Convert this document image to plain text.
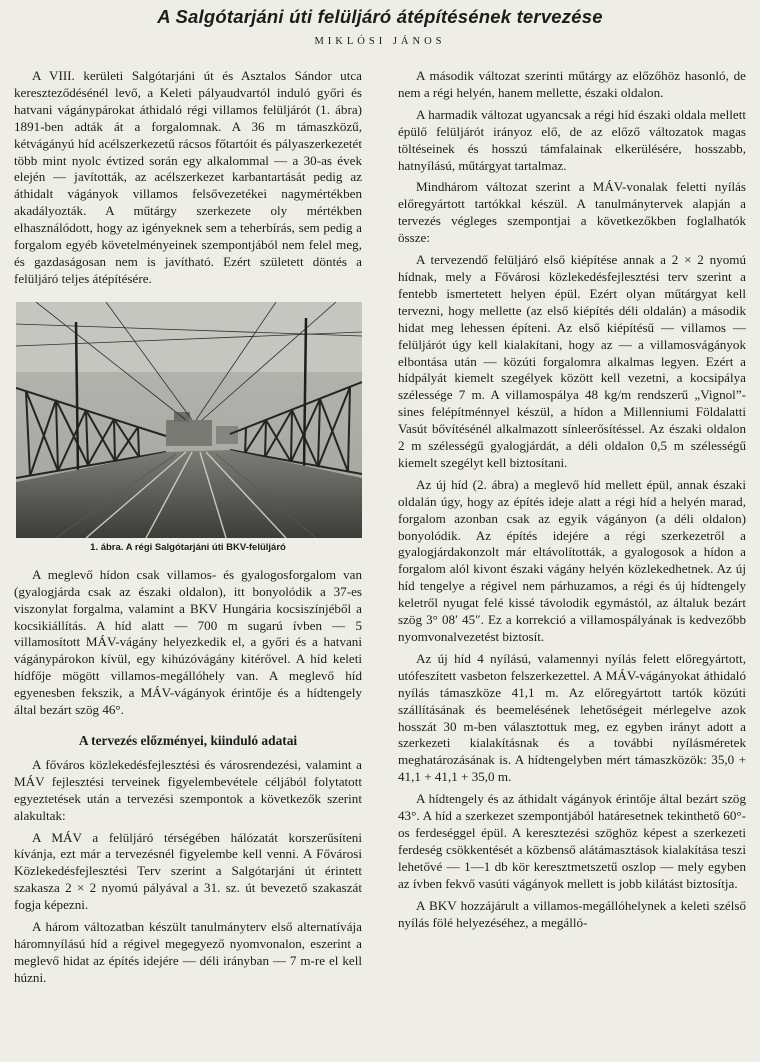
A Salgótarjáni úti felüljáró átépítésének tervezése
MIKLÓSI JÁNOS

A VIII. kerületi Salgótarjáni út és Asztalos Sándor utca kereszteződésénél levő, a Keleti pályaudvartól induló győri és hatvani vágánypárokat áthidaló régi villamos felüljárót (1. ábra) 1891-ben adták át a forgalomnak. A 36 m támaszközű, kétvágányú híd acélszerkezetű rácsos főtartóit és pályaszerkezetét több mint nyolc évtized során egy alkalommal — a 30-as évek elején — javították, az acélszerkezet karbantartását pedig az áthidalt vágányok villamos felsővezetékei nagymértékben akadályozták. A műtárgy szerkezete oly mértékben elhasználódott, hogy az igényeknek sem a teherbírás, sem pedig a forgalom egyéb követelményeinek szempontjából nem felel meg, és gazdaságosan nem is javítható. Ezért született döntés a felüljáró teljes átépítésére.

1. ábra. A régi Salgótarjáni úti BKV-felüljáró

A meglevő hídon csak villamos- és gyalogosforgalom van (gyalogjárda csak az északi oldalon), itt bonyolódik a 37-es viszonylat forgalma, valamint a BKV Hungária kocsiszínjéből a kocsikiállítás. A híd alatt — 700 m sugarú ívben — 5 villamosított MÁV-vágány helyezkedik el, a győri és a hatvani vágánypárokon kívül, egy kihúzóvágány kitérővel. A híd keleti hídfője mögött villamos-megállóhely van. A meglevő híd egyenesben fekszik, a MÁV-vágányok érintője és a hídtengely által bezárt szög 46°.

A tervezés előzményei, kiinduló adatai

A főváros közlekedésfejlesztési és városrendezési, valamint a MÁV fejlesztési terveinek figyelembevétele céljából folytatott egyeztetések után a tervezési szempontok a következők szerint alakultak:

A MÁV a felüljáró térségében hálózatát korszerűsíteni kívánja, ezt már a tervezésnél figyelembe kell venni. A Fővárosi Közlekedésfejlesztési Terv szerint a Salgótarjáni út érintett szakasza 2 × 2 nyomú pályával a 31. sz. út bevezető szakaszát fogja képezni.

A három változatban készült tanulmányterv első alternatívája háromnyílású híd a régivel megegyező nyomvonalon, eszerint a meglevő hidat az építés idejére — déli irányban — 7 m-re el kell húzni.

A második változat szerinti műtárgy az előzőhöz hasonló, de nem a régi helyén, hanem mellette, északi oldalon.

A harmadik változat ugyancsak a régi híd északi oldala mellett épülő felüljárót irányoz elő, de az előző változatok magas töltéseinek és hosszú támfalainak elkerülésére, hosszabb, hatnyílású, műtárgyat tartalmaz.

Mindhárom változat szerint a MÁV-vonalak feletti nyílás előregyártott tartókkal készül. A tanulmánytervek alapján a tervezés végleges szempontjai a következőkben foglalhatók össze:

A tervezendő felüljáró első kiépítése annak a 2 × 2 nyomú hídnak, mely a Fővárosi közlekedésfejlesztési terv szerint a fentebb ismertetett helyen épül. Ezért olyan műtárgyat kell tervezni, hogy mellette (az első kiépítés déli oldalán) a második hidat meg lehessen építeni. Az első kiépítésű — villamos — felüljárót úgy kell kialakítani, hogy az — a villamosvágányok elbontása után — közúti forgalomra alkalmas legyen. Ezért a hídpályát kiemelt szegélyek között kell vezetni, a kocsipálya szélessége 7 m. A villamospálya 48 kg/m rendszerű „Vignol”-sines felépítménnyel készül, a hídon a Millenniumi Földalatti Vasút bővítésénél alkalmazott sínleerősítéssel. Az északi oldalon 2 m szélességű gyalogjárdát, a déli oldalon 0,5 m szélességű kiemelt szegélyt kell biztosítani.

Az új híd (2. ábra) a meglevő híd mellett épül, annak északi oldalán úgy, hogy az építés ideje alatt a régi híd a helyén marad, forgalom azonban csak az egyik vágányon (a déli oldalon) bonyolódik. Az építés idejére a régi szerkezetről a gyalogjárdakonzolt már eltávolították, a gyalogosok a hídon a forgalom alól kivont északi vágány helyén közlekedhetnek. Az új híd tengelye a régivel nem párhuzamos, a régi és új hídtengely keletről nyugat felé kissé távolodik egymástól, az általuk bezárt szög 3° 08′ 45″. Ez a korrekció a villamospályának is kedvezőbb nyomvonalvezetést biztosít.

Az új híd 4 nyílású, valamennyi nyílás felett előregyártott, utófeszített vasbeton felszerkezettel. A MÁV-vágányokat áthidaló nyílás támaszköze 41,1 m. Az előregyártott tartók közúti szállításának és beemelésének lehetőségeit mérlegelve azok hosszát 30 m-ben választottuk meg, ez egyben irányt adott a szerkezeti kialakításnak és a további nyílásméretek meghatározásának is. A hídtengelyben mért támaszközök: 35,0 + 41,1 + 41,1 + 35,0 m.

A hídtengely és az áthidalt vágányok érintője által bezárt szög 43°. A híd a szerkezet szempontjából határesetnek tekinthető 60°-os ferdeséggel épül. A keresztezési szöghöz képest a szerkezeti ferdeség csökkentését a közbenső alátámasztások kialakítása teszi lehetővé — 1—1 db kör keresztmetszetű oszlop — mely egyben az ívben fekvő vasúti vágányok mellett is jobb kilátást biztosítja.

A BKV hozzájárult a villamos-megállóhelynek a keleti szélső nyílás fölé helyezéséhez, a megálló-
